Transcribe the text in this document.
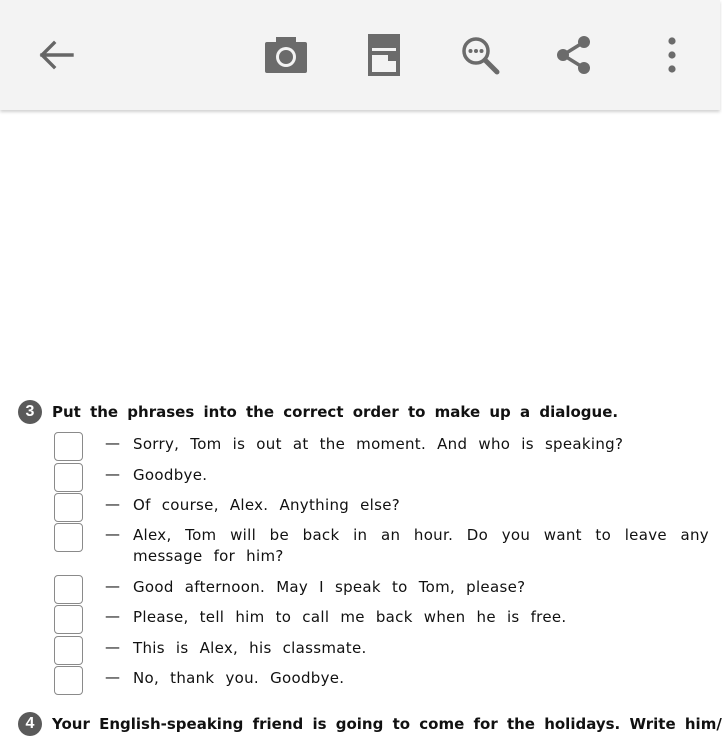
3	Put the phrases into the correct order to make up a dialogue.
— Sorry, Tom is out at the moment. And who is speaking?
— Goodbye.
— Of course, Alex. Anything else?
— Alex, Tom will be back in an hour. Do you want to leave any message for him?
— Good afternoon. May I speak to Tom, please?
— Please, tell him to call me back when he is free.
— This is Alex, his classmate.
— No, thank you. Goodbye.
4	Your English-speaking friend is going to come for the holidays. Write him/
